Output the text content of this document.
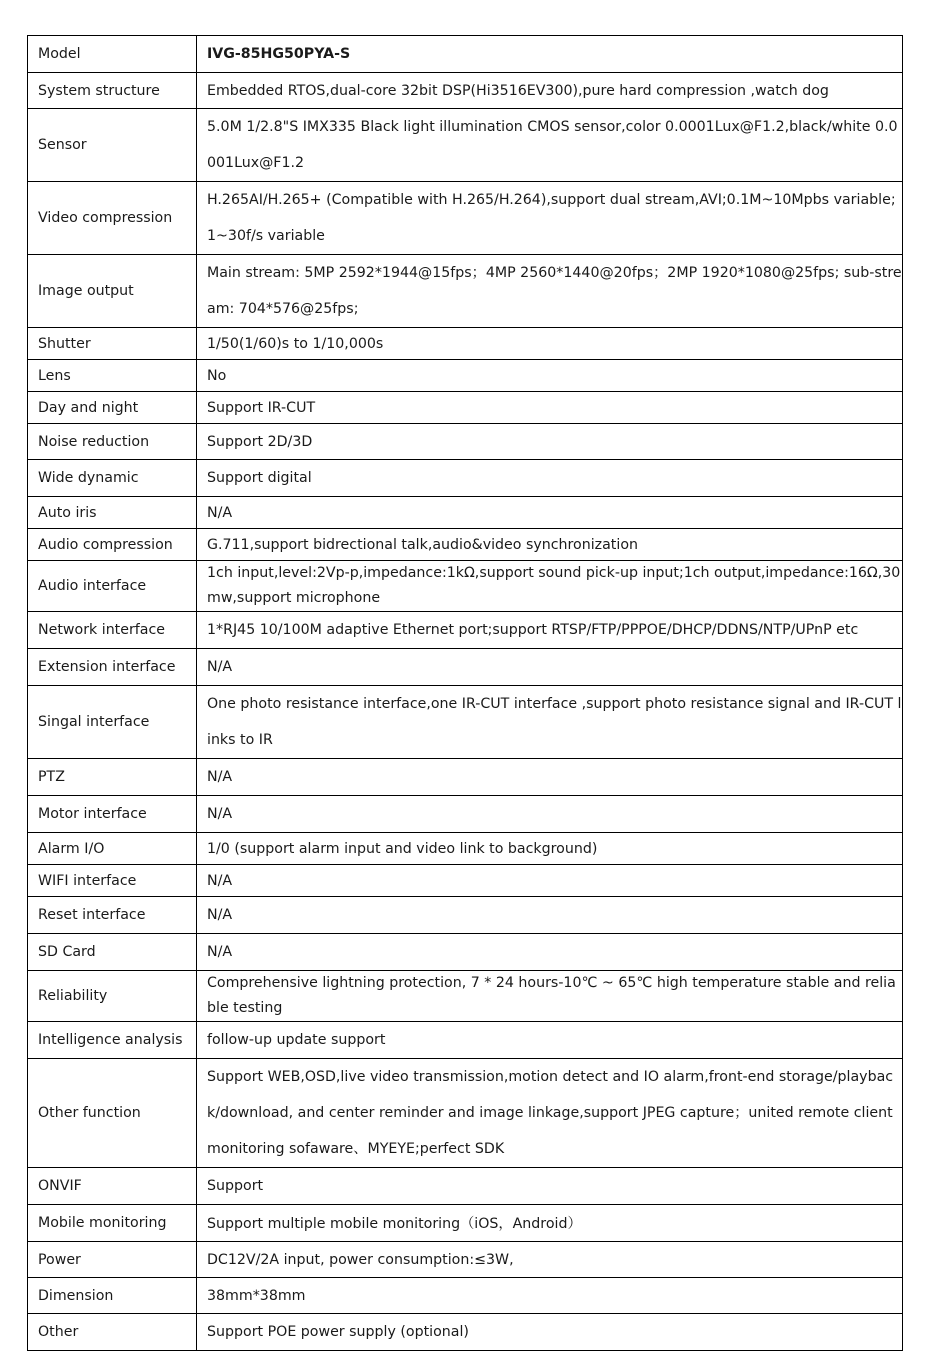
Model	IVG-85HG50PYA-S
System structure	Embedded RTOS,dual-core 32bit DSP(Hi3516EV300),pure hard compression ,watch dog
Sensor	5.0M 1/2.8"S IMX335 Black light illumination CMOS sensor,color 0.0001Lux@F1.2,black/white 0.0001Lux@F1.2
Video compression	H.265AI/H.265+ (Compatible with H.265/H.264),support dual stream,AVI;0.1M~10Mpbs variable;1~30f/s variable
Image output	Main stream: 5MP 2592*1944@15fps；4MP 2560*1440@20fps；2MP 1920*1080@25fps; sub-stream: 704*576@25fps;
Shutter	1/50(1/60)s to 1/10,000s
Lens	No
Day and night	Support IR-CUT
Noise reduction	Support 2D/3D
Wide dynamic	Support digital
Auto iris	N/A
Audio compression	G.711,support bidrectional talk,audio&video synchronization
Audio interface	1ch input,level:2Vp-p,impedance:1kΩ,support sound pick-up input;1ch output,impedance:16Ω,30mw,support microphone
Network interface	1*RJ45 10/100M adaptive Ethernet port;support RTSP/FTP/PPPOE/DHCP/DDNS/NTP/UPnP etc
Extension interface	N/A
Singal interface	One photo resistance interface,one IR-CUT interface ,support photo resistance signal and IR-CUT links to IR
PTZ	N/A
Motor interface	N/A
Alarm I/O	1/0 (support alarm input and video link to background)
WIFI interface	N/A
Reset interface	N/A
SD Card	N/A
Reliability	Comprehensive lightning protection, 7 * 24 hours-10℃ ~ 65℃ high temperature stable and reliable testing
Intelligence analysis	follow-up update support
Other function	Support WEB,OSD,live video transmission,motion detect and IO alarm,front-end storage/playback/download, and center reminder and image linkage,support JPEG capture；united remote client monitoring sofaware、MYEYE;perfect SDK
ONVIF	Support
Mobile monitoring	Support multiple mobile monitoring（iOS，Android）
Power	DC12V/2A input, power consumption:≤3W,
Dimension	38mm*38mm
Other	Support POE power supply (optional)
